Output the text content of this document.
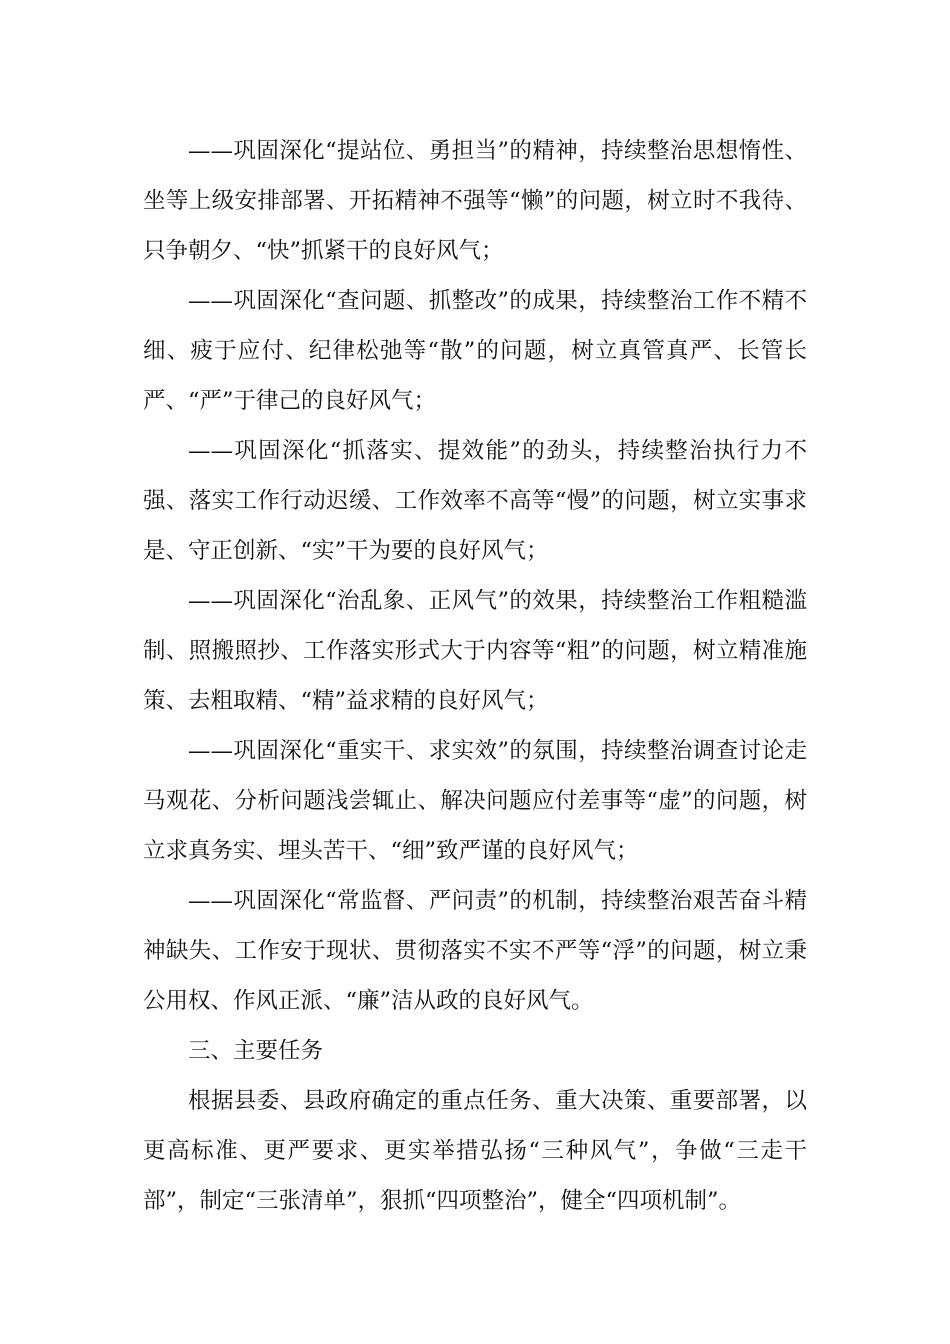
——巩固深化“提站位、勇担当”的精神，持续整治思想惰性、坐等上级安排部署、开拓精神不强等“懒”的问题，树立时不我待、只争朝夕、“快”抓紧干的良好风气；

——巩固深化“查问题、抓整改”的成果，持续整治工作不精不细、疲于应付、纪律松弛等“散”的问题，树立真管真严、长管长严、“严”于律己的良好风气；

——巩固深化“抓落实、提效能”的劲头，持续整治执行力不强、落实工作行动迟缓、工作效率不高等“慢”的问题，树立实事求是、守正创新、“实”干为要的良好风气；

——巩固深化“治乱象、正风气”的效果，持续整治工作粗糙滥制、照搬照抄、工作落实形式大于内容等“粗”的问题，树立精准施策、去粗取精、“精”益求精的良好风气；

——巩固深化“重实干、求实效”的氛围，持续整治调查讨论走马观花、分析问题浅尝辄止、解决问题应付差事等“虚”的问题，树立求真务实、埋头苦干、“细”致严谨的良好风气；

——巩固深化“常监督、严问责”的机制，持续整治艰苦奋斗精神缺失、工作安于现状、贯彻落实不实不严等“浮”的问题，树立秉公用权、作风正派、“廉”洁从政的良好风气。

三、主要任务

根据县委、县政府确定的重点任务、重大决策、重要部署，以更高标准、更严要求、更实举措弘扬“三种风气”，争做“三走干部”，制定“三张清单”，狠抓“四项整治”，健全“四项机制”。
